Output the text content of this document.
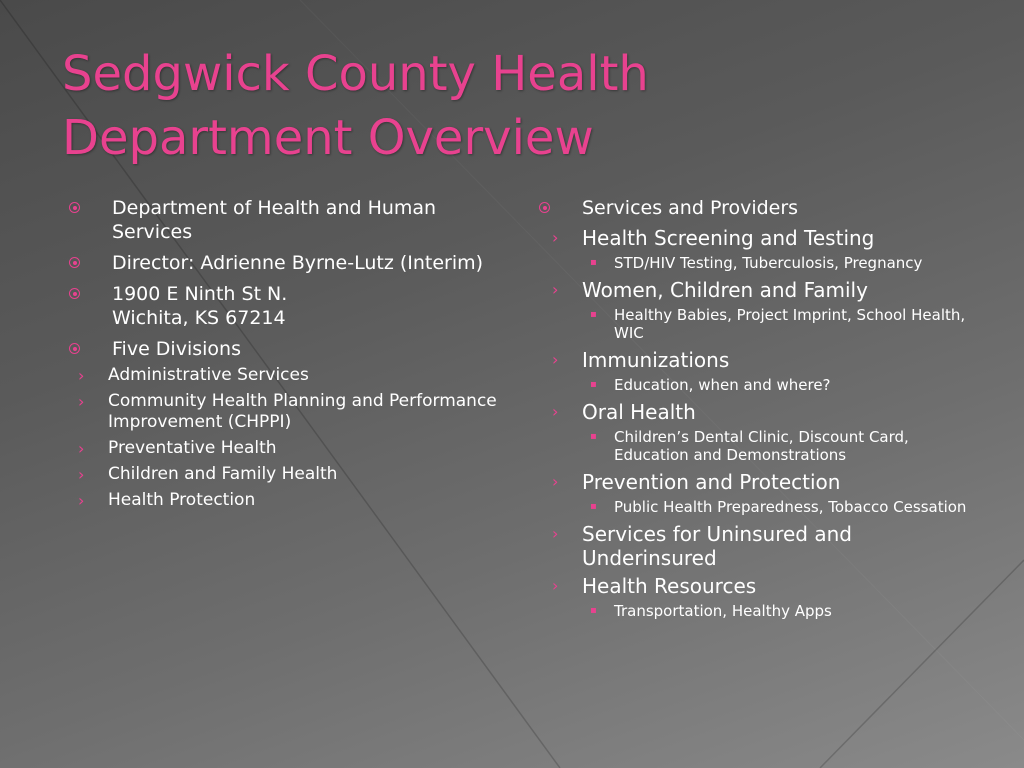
Sedgwick County Health
Department Overview
Department of Health and Human Services
Director: Adrienne Byrne-Lutz (Interim)
1900 E Ninth St N.
Wichita, KS 67214
Five Divisions
› Administrative Services
› Community Health Planning and Performance Improvement (CHPPI)
› Preventative Health
› Children and Family Health
› Health Protection
Services and Providers
› Health Screening and Testing
▪ STD/HIV Testing, Tuberculosis, Pregnancy
› Women, Children and Family
▪ Healthy Babies, Project Imprint, School Health, WIC
› Immunizations
▪ Education, when and where?
› Oral Health
▪ Children’s Dental Clinic, Discount Card, Education and Demonstrations
› Prevention and Protection
▪ Public Health Preparedness, Tobacco Cessation
› Services for Uninsured and Underinsured
› Health Resources
▪ Transportation, Healthy Apps
